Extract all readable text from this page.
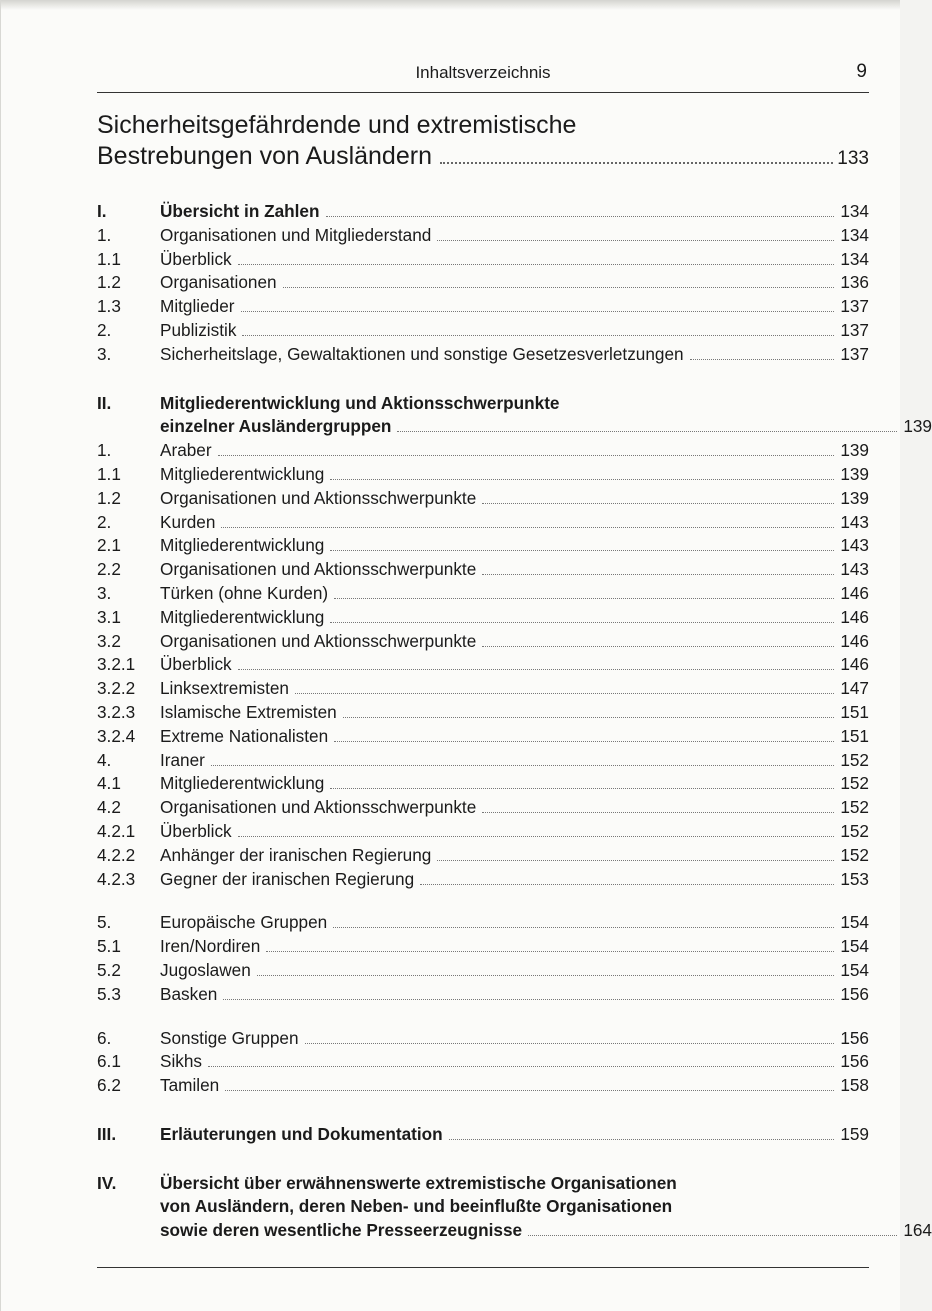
Inhaltsverzeichnis	9
Sicherheitsgefährdende und extremistische
Bestrebungen von Ausländern	133
I.	Übersicht in Zahlen	134
1.	Organisationen und Mitgliederstand	134
1.1 Überblick	134
1.2 Organisationen	136
1.3 Mitglieder	137
2.	Publizistik	137
3.	Sicherheitslage, Gewaltaktionen und sonstige Gesetzesverletzungen	137
II.	Mitgliederentwicklung und Aktionsschwerpunkte
einzelner Ausländergruppen	139
1.	Araber	139
1.1 Mitgliederentwicklung	139
1.2 Organisationen und Aktionsschwerpunkte	139
2.	Kurden	143
2.1 Mitgliederentwicklung	143
2.2 Organisationen und Aktionsschwerpunkte	143
3.	Türken (ohne Kurden)	146
3.1 Mitgliederentwicklung	146
3.2 Organisationen und Aktionsschwerpunkte	146
3.2.1 Überblick	146
3.2.2 Linksextremisten	147
3.2.3 Islamische Extremisten	151
3.2.4 Extreme Nationalisten	151
4.	Iraner	152
4.1 Mitgliederentwicklung	152
4.2 Organisationen und Aktionsschwerpunkte	152
4.2.1 Überblick	152
4.2.2 Anhänger der iranischen Regierung	152
4.2.3 Gegner der iranischen Regierung	153
5.	Europäische Gruppen	154
5.1 Iren/Nordiren	154
5.2 Jugoslawen	154
5.3 Basken	156
6.	Sonstige Gruppen	156
6.1 Sikhs	156
6.2 Tamilen	158
III.	Erläuterungen und Dokumentation	159
IV.	Übersicht über erwähnenswerte extremistische Organisationen
von Ausländern, deren Neben- und beeinflußte Organisationen
sowie deren wesentliche Presseerzeugnisse	164
